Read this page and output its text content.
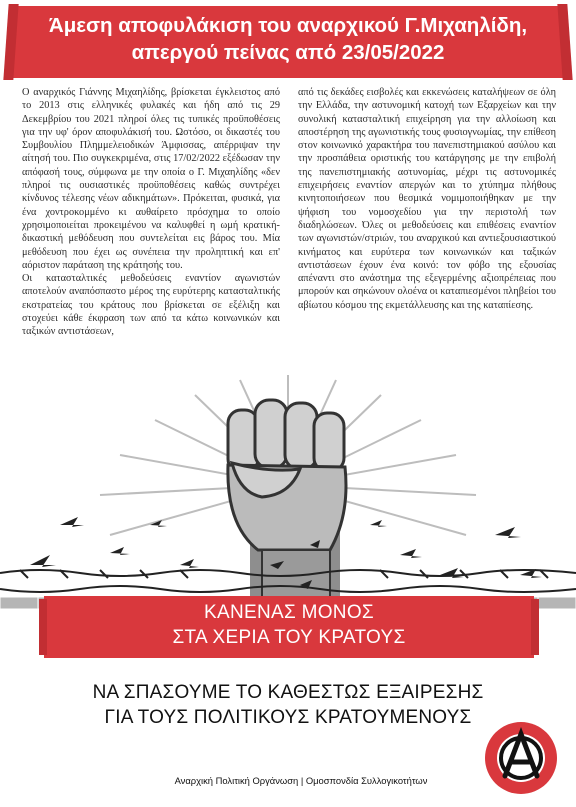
Άμεση αποφυλάκιση του αναρχικού Γ.Μιχαηλίδη,
απεργού πείνας από 23/05/2022

Ο αναρχικός Γιάννης Μιχαηλίδης, βρίσκεται έγκλειστος από το 2013 στις ελληνικές φυλακές και ήδη από τις 29 Δεκεμβρίου του 2021 πληροί όλες τις τυπικές προϋποθέσεις για την υφ' όρον αποφυλάκισή του. Ωστόσο, οι δικαστές του Συμβουλίου Πλημμελειοδικών Άμφισσας, απέρριψαν την αίτησή του. Πιο συγκεκριμένα, στις 17/02/2022 εξέδωσαν την απόφασή τους, σύμφωνα με την οποία ο Γ. Μιχαηλίδης «δεν πληροί τις ουσιαστικές προϋποθέσεις καθώς συντρέχει κίνδυνος τέλεσης νέων αδικημάτων». Πρόκειται, φυσικά, για ένα χοντροκομμένο κι αυθαίρετο πρόσχημα το οποίο χρησιμοποιείται προκειμένου να καλυφθεί η ωμή κρατική-δικαστική μεθόδευση που συντελείται εις βάρος του. Μία μεθόδευση που έχει ως συνέπεια την προληπτική και επ' αόριστον παράταση της κράτησής του.

Οι κατασταλτικές μεθοδεύσεις εναντίον αγωνιστών αποτελούν αναπόσπαστο μέρος της ευρύτερης κατασταλτικής εκστρατείας του κράτους που βρίσκεται σε εξέλιξη και στοχεύει κάθε έκφραση των από τα κάτω κοινωνικών και ταξικών αντιστάσεων,

από τις δεκάδες εισβολές και εκκενώσεις καταλήψεων σε όλη την Ελλάδα, την αστυνομική κατοχή των Εξαρχείων και την συνολική κατασταλτική επιχείρηση για την αλλοίωση και αποστέρηση της αγωνιστικής τους φυσιογνωμίας, την επίθεση στον κοινωνικό χαρακτήρα του πανεπιστημιακού ασύλου και την προσπάθεια οριστικής του κατάργησης με την επιβολή της πανεπιστημιακής αστυνομίας, μέχρι τις αστυνομικές επιχειρήσεις εναντίον απεργών και το χτύπημα πλήθους κινητοποιήσεων που θεσμικά νομιμοποιήθηκαν με την ψήφιση του νομοσχεδίου για την περιστολή των διαδηλώσεων. Όλες οι μεθοδεύσεις και επιθέσεις εναντίον των αγωνιστών/στριών, του αναρχικού και αντιεξουσιαστικού κινήματος και ευρύτερα των κοινωνικών και ταξικών αντιστάσεων έχουν ένα κοινό: τον φόβο της εξουσίας απέναντι στο ανάστημα της εξεγερμένης αξιοπρέπειας που μπορούν και σηκώνουν ολοένα οι καταπιεσμένοι πληβείοι του αβίωτου κόσμου της εκμετάλλευσης και της καταπίεσης.

ΚΑΝΕΝΑΣ ΜΟΝΟΣ
ΣΤΑ ΧΕΡΙΑ ΤΟΥ ΚΡΑΤΟΥΣ
ΝΑ ΣΠΑΣΟΥΜΕ ΤΟ ΚΑΘΕΣΤΩΣ ΕΞΑΙΡΕΣΗΣ
ΓΙΑ ΤΟΥΣ ΠΟΛΙΤΙΚΟΥΣ ΚΡΑΤΟΥΜΕΝΟΥΣ
Αναρχική Πολιτική Οργάνωση | Ομοσπονδία Συλλογικοτήτων
